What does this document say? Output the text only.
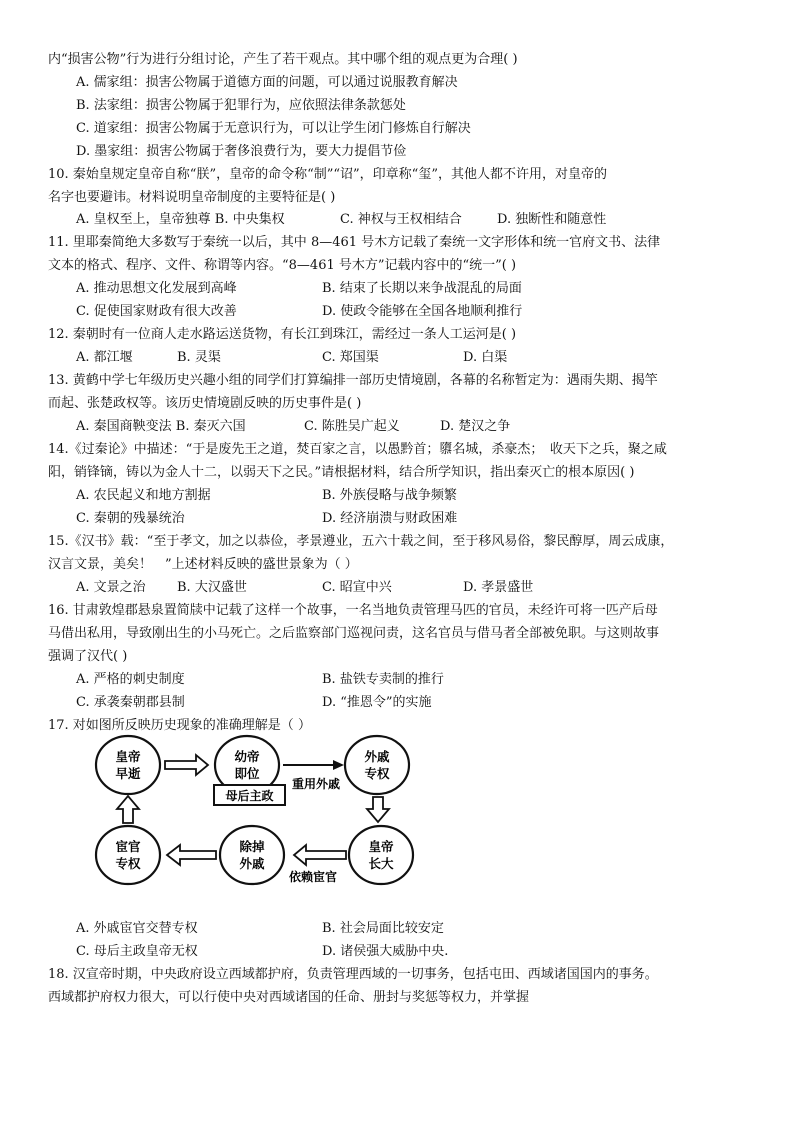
内“损害公物”行为进行分组讨论，产生了若干观点。其中哪个组的观点更为合理( )
A. 儒家组：损害公物属于道德方面的问题，可以通过说服教育解决
B. 法家组：损害公物属于犯罪行为，应依照法律条款惩处
C. 道家组：损害公物属于无意识行为，可以让学生闭门修炼自行解决
D. 墨家组：损害公物属于奢侈浪费行为，要大力提倡节俭
10. 秦始皇规定皇帝自称“朕”，皇帝的命令称“制”“诏”，印章称“玺”，其他人都不许用，对皇帝的
名字也要避讳。材料说明皇帝制度的主要特征是( )
A. 皇权至上，皇帝独尊 B. 中央集权	C. 神权与王权相结合	D. 独断性和随意性
11. 里耶秦简绝大多数写于秦统一以后，其中 8—461 号木方记载了秦统一文字形体和统一官府文书、法律
文本的格式、程序、文件、称谓等内容。“8—461 号木方”记载内容中的“统一”( )
A. 推动思想文化发展到高峰	B. 结束了长期以来争战混乱的局面
C. 促使国家财政有很大改善	D. 使政令能够在全国各地顺利推行
12. 秦朝时有一位商人走水路运送货物，有长江到珠江，需经过一条人工运河是( )
A. 都江堰	B. 灵渠	C. 郑国渠	D. 白渠
13. 黄鹤中学七年级历史兴趣小组的同学们打算编排一部历史情境剧，各幕的名称暂定为：遇雨失期、揭竿
而起、张楚政权等。该历史情境剧反映的历史事件是( )
A. 秦国商鞅变法 B. 秦灭六国	C. 陈胜吴广起义	D. 楚汉之争
14.《过秦论》中描述：“于是废先王之道，焚百家之言，以愚黔首；隳名城，杀豪杰；　收天下之兵，聚之咸
阳，销锋镝，铸以为金人十二，以弱天下之民。”请根据材料，结合所学知识，指出秦灭亡的根本原因( )
A. 农民起义和地方割据	B. 外族侵略与战争频繁
C. 秦朝的残暴统治	D. 经济崩溃与财政困难
15.《汉书》载：“至于孝文，加之以恭俭，孝景遵业，五六十载之间，至于移风易俗，黎民醇厚，周云成康，
汉言文景，美矣！　”上述材料反映的盛世景象为（ ）
A. 文景之治 B. 大汉盛世	C. 昭宣中兴	D. 孝景盛世
16. 甘肃敦煌郡悬泉置简牍中记载了这样一个故事，一名当地负责管理马匹的官员，未经许可将一匹产后母
马借出私用，导致刚出生的小马死亡。之后监察部门巡视问责，这名官员与借马者全部被免职。与这则故事
强调了汉代( )
A. 严格的刺史制度	B. 盐铁专卖制的推行
C. 承袭秦朝郡县制	D. “推恩令”的实施
17. 对如图所反映历史现象的准确理解是（ ）
皇帝
早逝
幼帝
即位
母后主政
外戚
专权
皇帝
长大
除掉
外戚
宦官
专权
重用外戚
依赖宦官
A. 外戚宦官交替专权	B. 社会局面比较安定
C. 母后主政皇帝无权	D. 诸侯强大威胁中央.
18. 汉宣帝时期，中央政府设立西域都护府，负责管理西域的一切事务，包括屯田、西域诸国国内的事务。
西域都护府权力很大，可以行使中央对西域诸国的任命、册封与奖惩等权力，并掌握
